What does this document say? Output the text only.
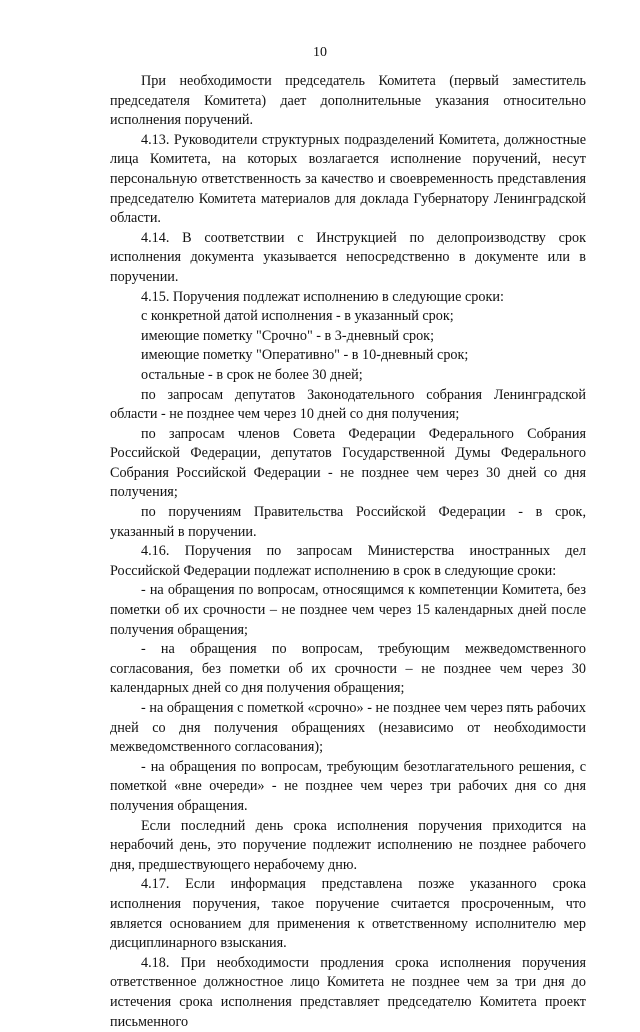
10

При необходимости председатель Комитета (первый заместитель председателя Комитета) дает дополнительные указания относительно исполнения поручений.

4.13. Руководители структурных подразделений Комитета, должностные лица Комитета, на которых возлагается исполнение поручений, несут персональную ответственность за качество и своевременность представления председателю Комитета материалов для доклада Губернатору Ленинградской области.

4.14. В соответствии с Инструкцией по делопроизводству срок исполнения документа указывается непосредственно в документе или в поручении.

4.15. Поручения подлежат исполнению в следующие сроки:

с конкретной датой исполнения - в указанный срок;

имеющие пометку "Срочно" - в 3-дневный срок;

имеющие пометку "Оперативно" - в 10-дневный срок;

остальные - в срок не более 30 дней;

по запросам депутатов Законодательного собрания Ленинградской области - не позднее чем через 10 дней со дня получения;

по запросам членов Совета Федерации Федерального Собрания Российской Федерации, депутатов Государственной Думы Федерального Собрания Российской Федерации - не позднее чем через 30 дней со дня получения;

по поручениям Правительства Российской Федерации - в срок, указанный в поручении.

4.16. Поручения по запросам Министерства иностранных дел Российской Федерации подлежат исполнению в срок в следующие сроки:

- на обращения по вопросам, относящимся к компетенции Комитета, без пометки об их срочности – не позднее чем через 15 календарных дней после получения обращения;

- на обращения по вопросам, требующим межведомственного согласования, без пометки об их срочности – не позднее чем через 30 календарных дней со дня получения обращения;

- на обращения с пометкой «срочно» - не позднее чем через пять рабочих дней со дня получения обращениях (независимо от необходимости межведомственного согласования);

- на обращения по вопросам, требующим безотлагательного решения, с пометкой «вне очереди» - не позднее чем через три рабочих дня со дня получения обращения.

Если последний день срока исполнения поручения приходится на нерабочий день, это поручение подлежит исполнению не позднее рабочего дня, предшествующего нерабочему дню.

4.17. Если информация представлена позже указанного срока исполнения поручения, такое поручение считается просроченным, что является основанием для применения к ответственному исполнителю мер дисциплинарного взыскания.

4.18. При необходимости продления срока исполнения поручения ответственное должностное лицо Комитета не позднее чем за три дня до истечения срока исполнения представляет председателю Комитета проект письменного
